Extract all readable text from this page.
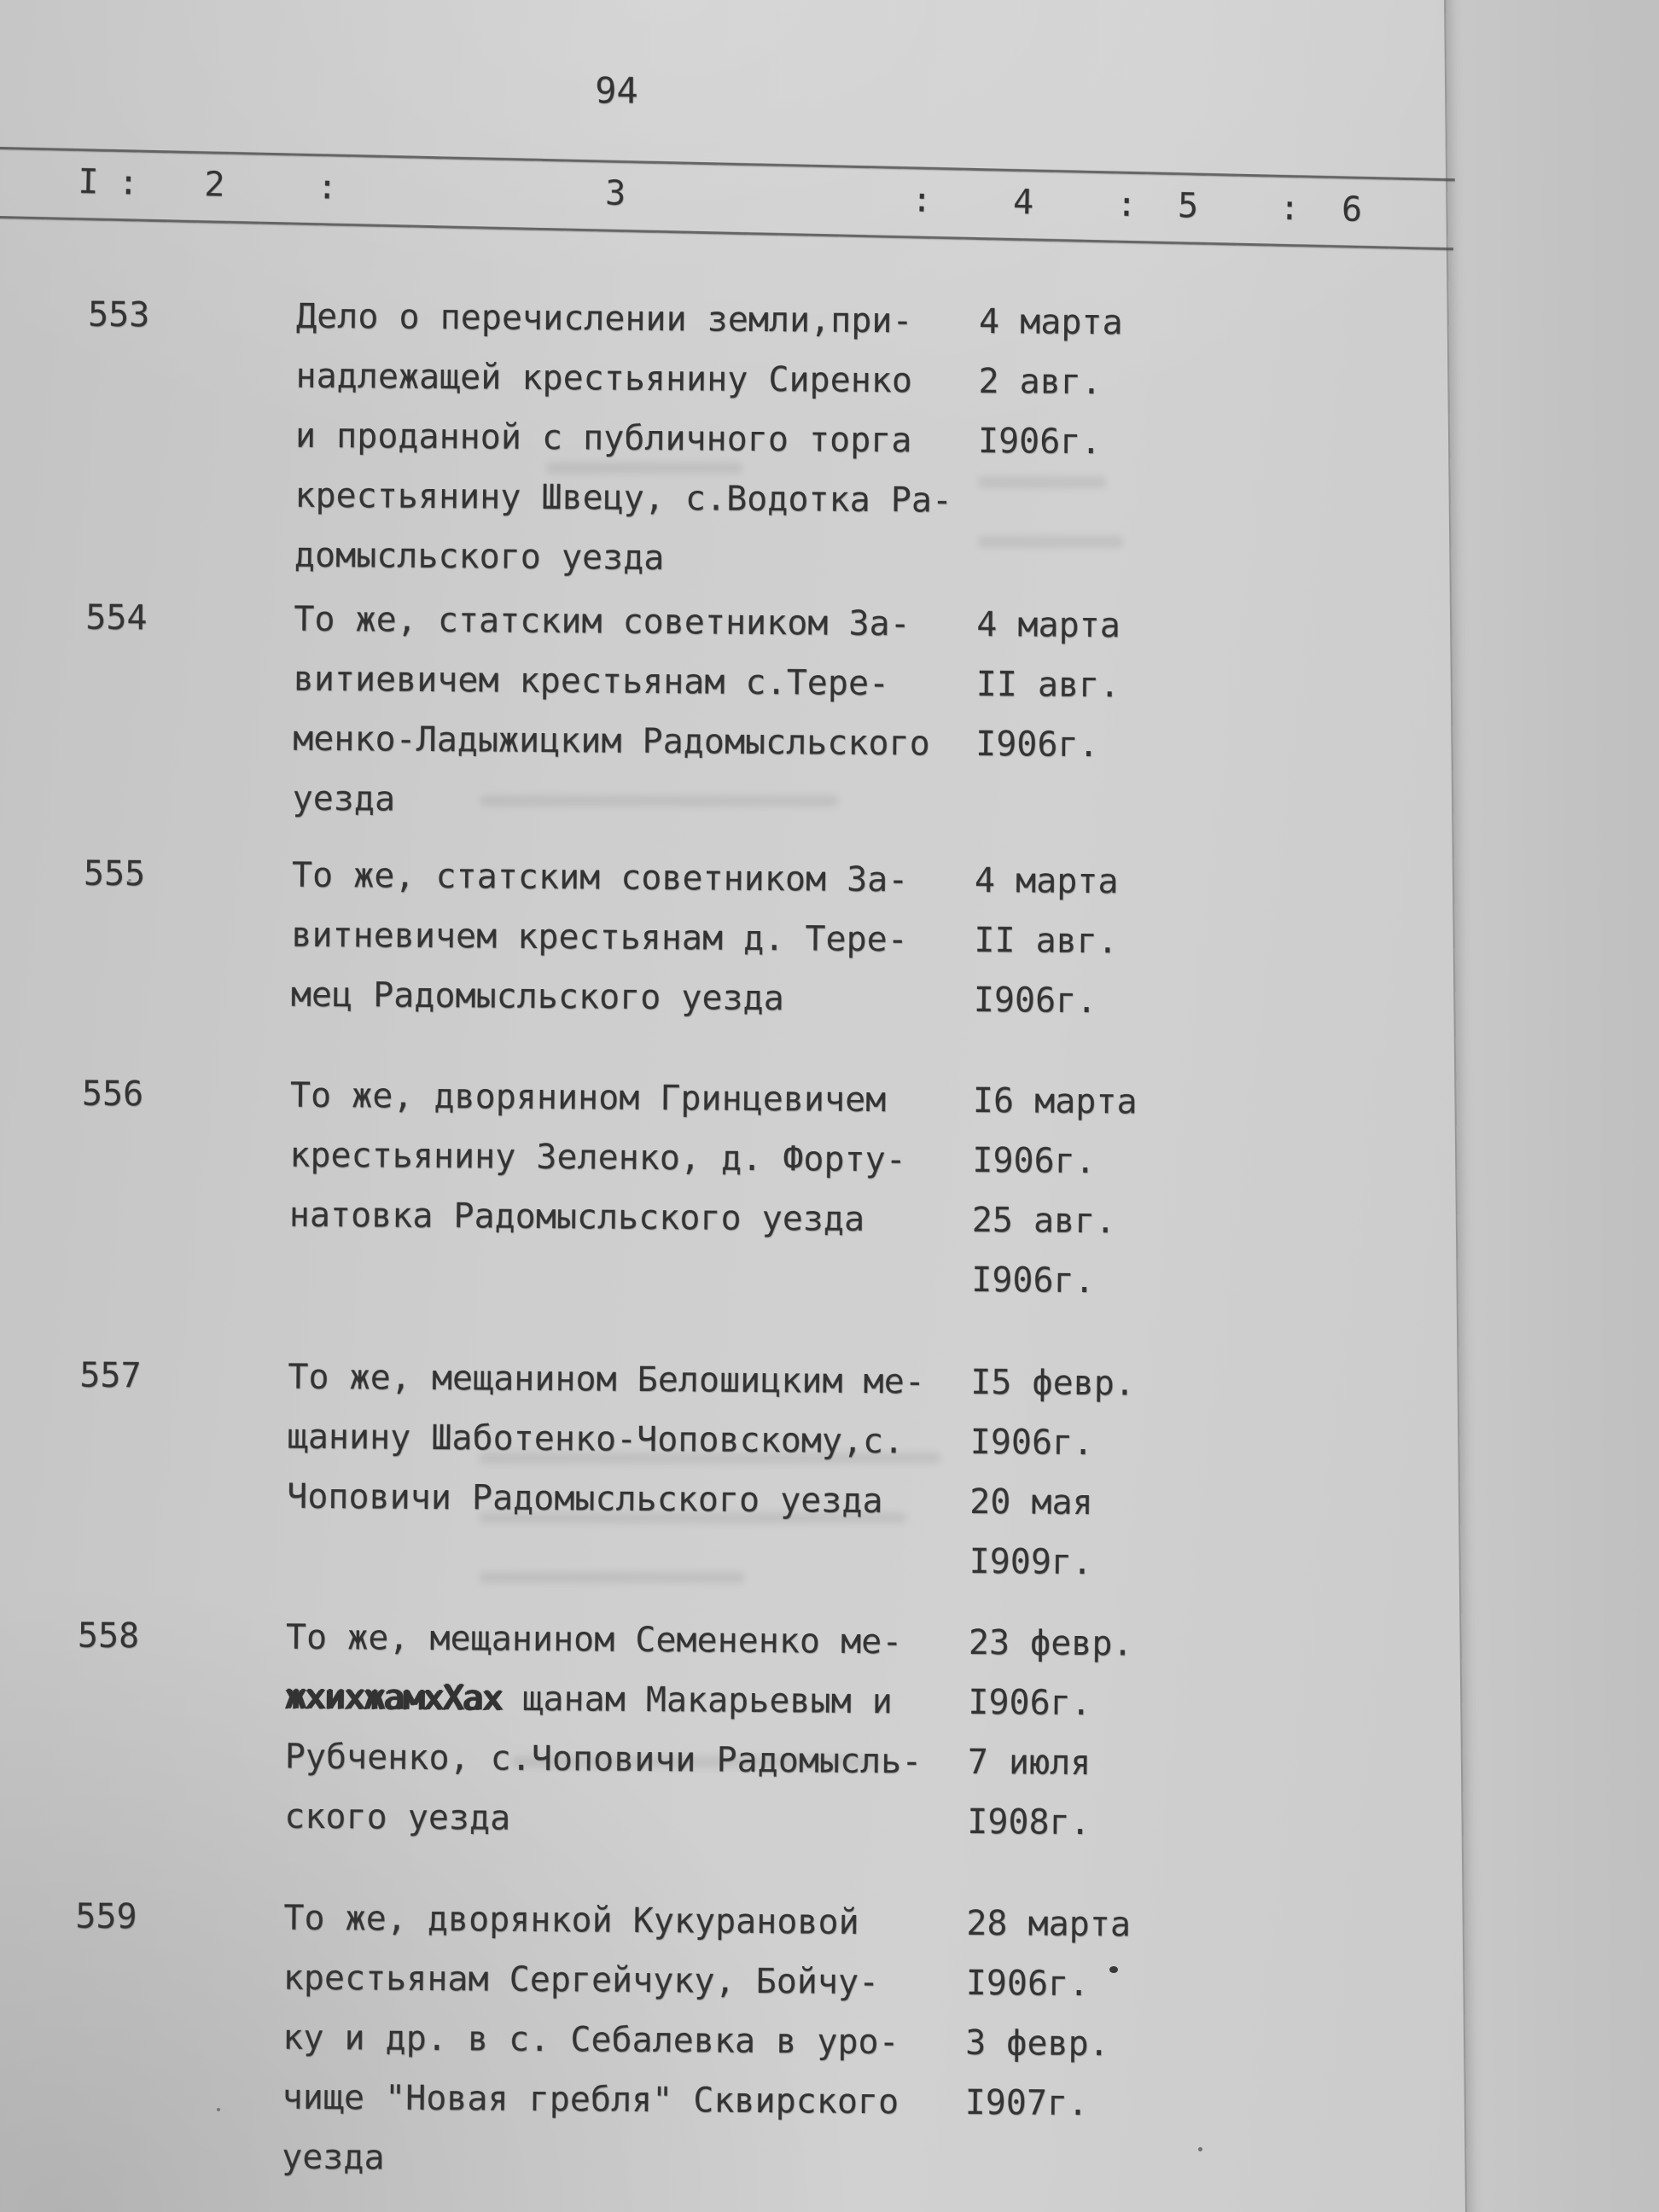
94
I : 2	:	3	: 4 : 5 : 6
553	Дело о перечислении земли,при- 4 марта
надлежащей крестьянину Сиренко 2 авг.
и проданной с публичного торга I906г.
крестьянину Швецу, с.Водотка Ра-
домысльского уезда
554	То же, статским советником За- 4 марта
витиевичем крестьянам с.Тере-	II авг.
менко-Ладыжицким Радомысльского I906г.
уезда
555	То же, статским советником За- 4 марта
витневичем крестьянам д. Тере- II авг.
мец Радомысльского уезда	I906г.
556	То же, дворянином Гринцевичем	I6 марта
крестьянину Зеленко, д. Форту- I906г.
натовка Радомысльского уезда	25 авг.
I906г.
557	То же, мещанином Белошицким ме- I5 февр.
щанину Шаботенко-Чоповскому,с. I906г.
Чоповичи Радомысльского уезда	20 мая
I909г.
558	То же, мещанином Семененко ме- 23 февр.
жхихжамхХах щанам Макарьевым и I906г.
Рубченко, с.Чоповичи Радомысль- 7 июля
ского уезда	I908г.
559	То же, дворянкой Кукурановой	28 марта
крестьянам Сергейчуку, Бойчу-	I906г.
ку и др. в с. Себалевка в уро- 3 февр.
чище "Новая гребля" Сквирского I907г.
уезда
